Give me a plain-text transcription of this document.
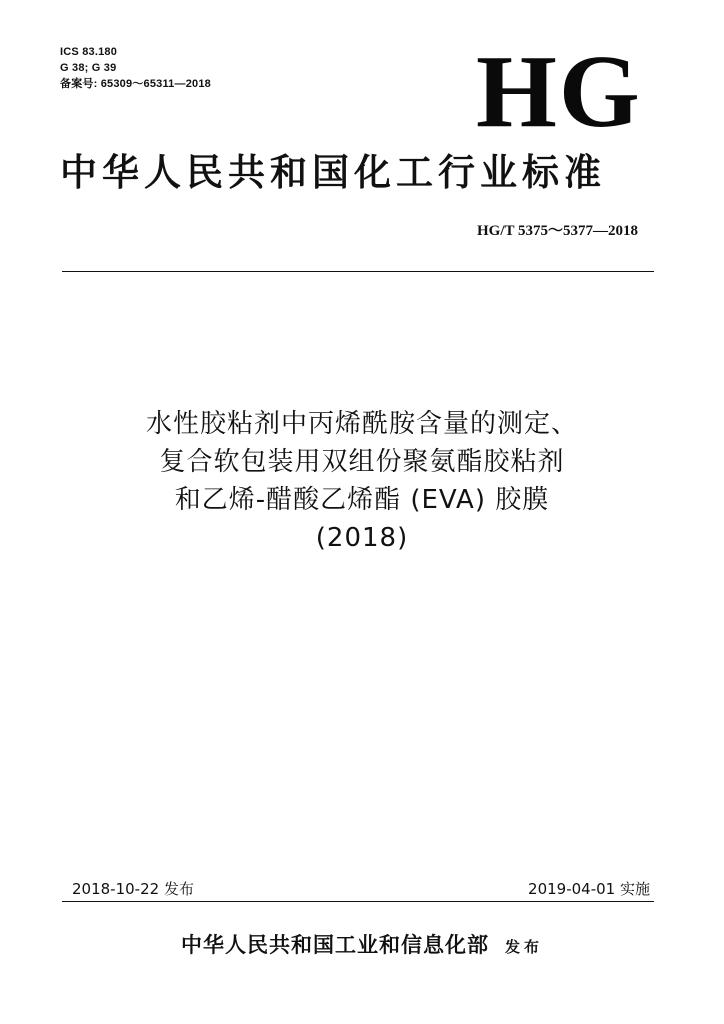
ICS 83.180
G 38; G 39
备案号: 65309～65311—2018	HG
中华人民共和国化工行业标准
HG/T 5375～5377—2018
水性胶粘剂中丙烯酰胺含量的测定、
复合软包装用双组份聚氨酯胶粘剂
和乙烯-醋酸乙烯酯 (EVA) 胶膜
(2018)
2018-10-22 发布	2019-04-01 实施
中华人民共和国工业和信息化部 发布
